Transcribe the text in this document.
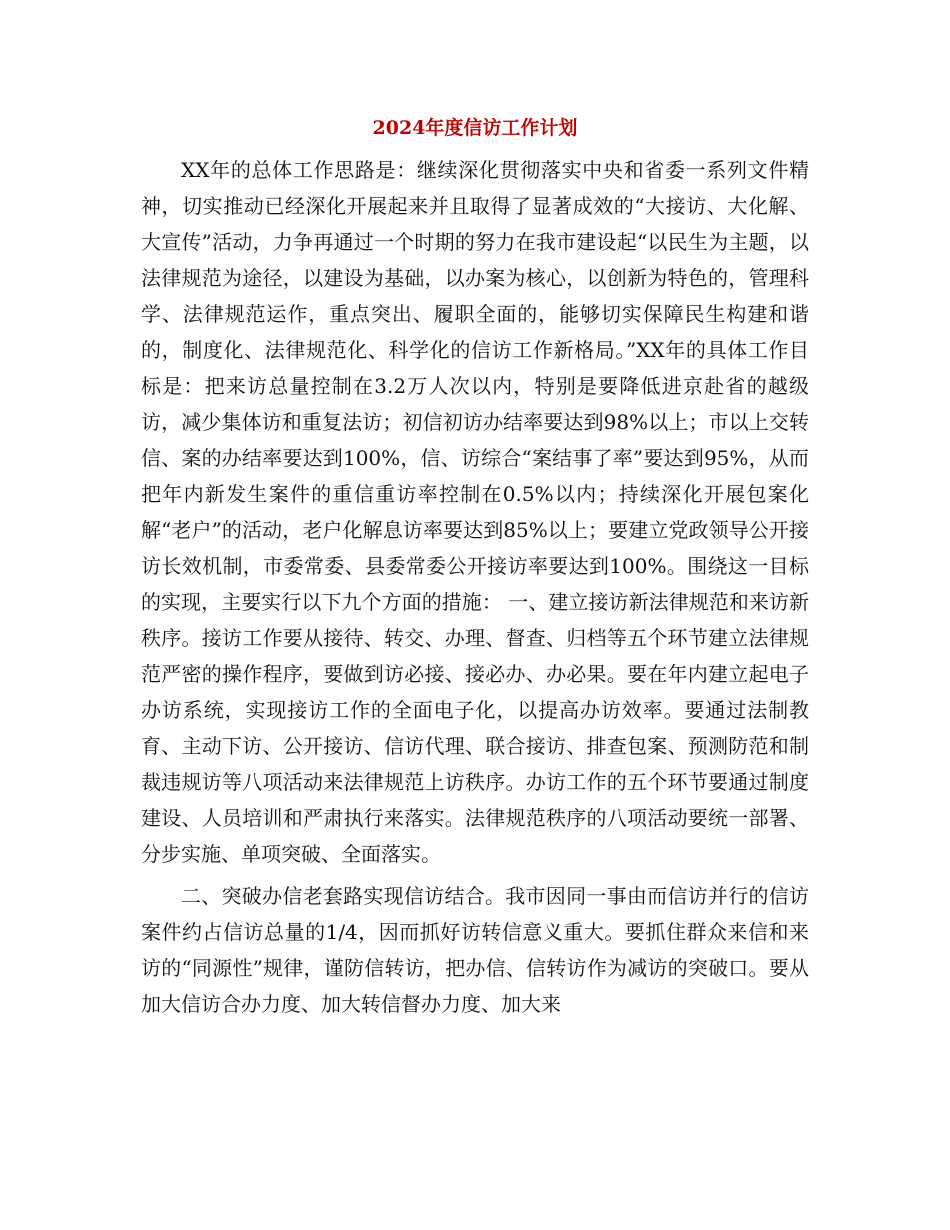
2024年度信访工作计划

XX年的总体工作思路是：继续深化贯彻落实中央和省委一系列文件精神，切实推动已经深化开展起来并且取得了显著成效的“大接访、大化解、大宣传”活动，力争再通过一个时期的努力在我市建设起“以民生为主题，以法律规范为途径，以建设为基础，以办案为核心，以创新为特色的，管理科学、法律规范运作，重点突出、履职全面的，能够切实保障民生构建和谐的，制度化、法律规范化、科学化的信访工作新格局。”XX年的具体工作目标是：把来访总量控制在3.2万人次以内，特别是要降低进京赴省的越级访，减少集体访和重复法访；初信初访办结率要达到98%以上；市以上交转信、案的办结率要达到100%，信、访综合“案结事了率”要达到95%，从而把年内新发生案件的重信重访率控制在0.5%以内；持续深化开展包案化解“老户”的活动，老户化解息访率要达到85%以上；要建立党政领导公开接访长效机制，市委常委、县委常委公开接访率要达到100%。围绕这一目标的实现，主要实行以下九个方面的措施： 一、建立接访新法律规范和来访新秩序。接访工作要从接待、转交、办理、督查、归档等五个环节建立法律规范严密的操作程序，要做到访必接、接必办、办必果。要在年内建立起电子办访系统，实现接访工作的全面电子化，以提高办访效率。要通过法制教育、主动下访、公开接访、信访代理、联合接访、排查包案、预测防范和制裁违规访等八项活动来法律规范上访秩序。办访工作的五个环节要通过制度建设、人员培训和严肃执行来落实。法律规范秩序的八项活动要统一部署、分步实施、单项突破、全面落实。

二、突破办信老套路实现信访结合。我市因同一事由而信访并行的信访案件约占信访总量的1/4，因而抓好访转信意义重大。要抓住群众来信和来访的“同源性”规律，谨防信转访，把办信、信转访作为减访的突破口。要从加大信访合办力度、加大转信督办力度、加大来
